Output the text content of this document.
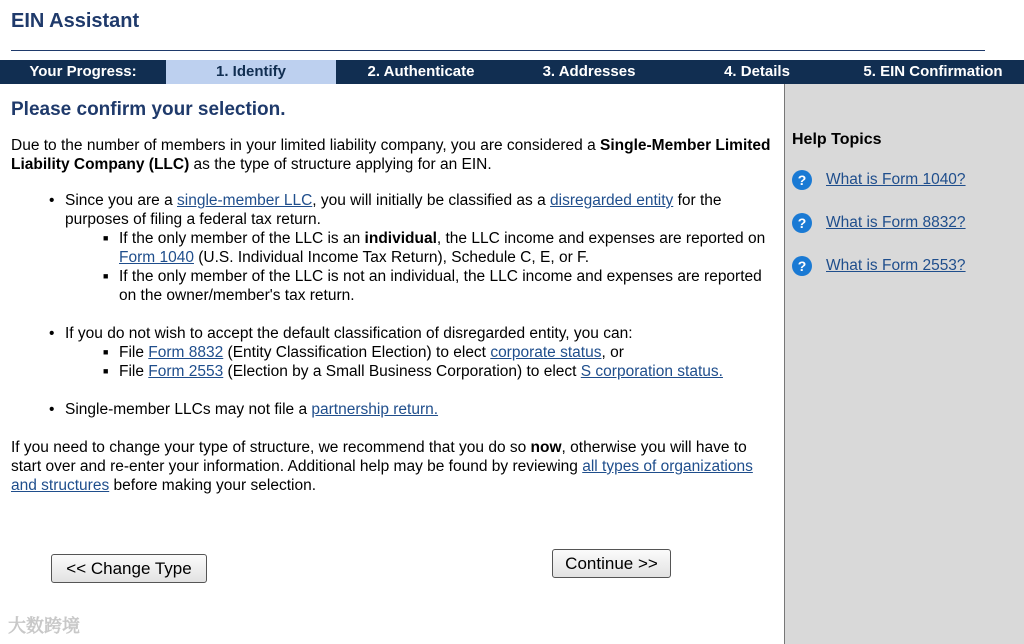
EIN Assistant
Your Progress:	1. Identify	2. Authenticate	3. Addresses	4. Details	5. EIN Confirmation
Please confirm your selection.

Due to the number of members in your limited liability company, you are considered a Single-Member Limited Liability Company (LLC) as the type of structure applying for an EIN.

• Since you are a single-member LLC, you will initially be classified as a disregarded entity for the purposes of filing a federal tax return.
■ If the only member of the LLC is an individual, the LLC income and expenses are reported on Form 1040 (U.S. Individual Income Tax Return), Schedule C, E, or F.
■ If the only member of the LLC is not an individual, the LLC income and expenses are reported on the owner/member's tax return.
• If you do not wish to accept the default classification of disregarded entity, you can:
■ File Form 8832 (Entity Classification Election) to elect corporate status, or
■ File Form 2553 (Election by a Small Business Corporation) to elect S corporation status.
• Single-member LLCs may not file a partnership return.

If you need to change your type of structure, we recommend that you do so now, otherwise you will have to start over and re-enter your information. Additional help may be found by reviewing all types of organizations and structures before making your selection.

<< Change Type	Continue >>
Help Topics
?	What is Form 1040?
?	What is Form 8832?
?	What is Form 2553?
大数跨境
